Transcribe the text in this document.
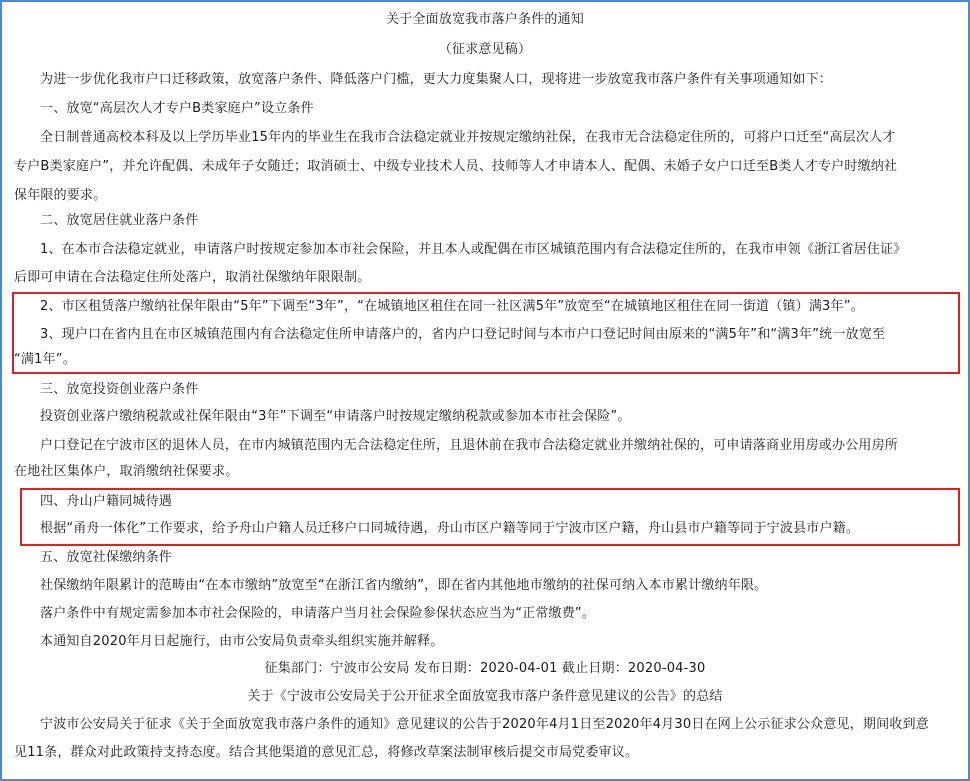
关于全面放宽我市落户条件的通知
（征求意见稿）
为进一步优化我市户口迁移政策，放宽落户条件、降低落户门槛，更大力度集聚人口，现将进一步放宽我市落户条件有关事项通知如下：
一、放宽“高层次人才专户B类家庭户”设立条件
全日制普通高校本科及以上学历毕业15年内的毕业生在我市合法稳定就业并按规定缴纳社保，在我市无合法稳定住所的，可将户口迁至“高层次人才
专户B类家庭户”，并允许配偶、未成年子女随迁；取消硕士、中级专业技术人员、技师等人才申请本人、配偶、未婚子女户口迁至B类人才专户时缴纳社
保年限的要求。
二、放宽居住就业落户条件
1、在本市合法稳定就业，申请落户时按规定参加本市社会保险，并且本人或配偶在市区城镇范围内有合法稳定住所的，在我市申领《浙江省居住证》
后即可申请在合法稳定住所处落户，取消社保缴纳年限限制。
2、市区租赁落户缴纳社保年限由“5年”下调至“3年”，“在城镇地区租住在同一社区满5年”放宽至“在城镇地区租住在同一街道（镇）满3年”。
3、现户口在省内且在市区城镇范围内有合法稳定住所申请落户的，省内户口登记时间与本市户口登记时间由原来的“满5年”和“满3年”统一放宽至
“满1年”。
三、放宽投资创业落户条件
投资创业落户缴纳税款或社保年限由“3年”下调至“申请落户时按规定缴纳税款或参加本市社会保险”。
户口登记在宁波市区的退休人员，在市内城镇范围内无合法稳定住所，且退休前在我市合法稳定就业并缴纳社保的，可申请落商业用房或办公用房所
在地社区集体户，取消缴纳社保要求。
四、舟山户籍同城待遇
根据“甬舟一体化”工作要求，给予舟山户籍人员迁移户口同城待遇，舟山市区户籍等同于宁波市区户籍，舟山县市户籍等同于宁波县市户籍。
五、放宽社保缴纳条件
社保缴纳年限累计的范畴由“在本市缴纳”放宽至“在浙江省内缴纳”，即在省内其他地市缴纳的社保可纳入本市累计缴纳年限。
落户条件中有规定需参加本市社会保险的，申请落户当月社会保险参保状态应当为“正常缴费”。
本通知自2020年月日起施行，由市公安局负责牵头组织实施并解释。
征集部门：宁波市公安局 发布日期：2020-04-01 截止日期：2020-04-30
关于《宁波市公安局关于公开征求全面放宽我市落户条件意见建议的公告》的总结
宁波市公安局关于征求《关于全面放宽我市落户条件的通知》意见建议的公告于2020年4月1日至2020年4月30日在网上公示征求公众意见，期间收到意
见11条，群众对此政策持支持态度。结合其他渠道的意见汇总，将修改草案法制审核后提交市局党委审议。
